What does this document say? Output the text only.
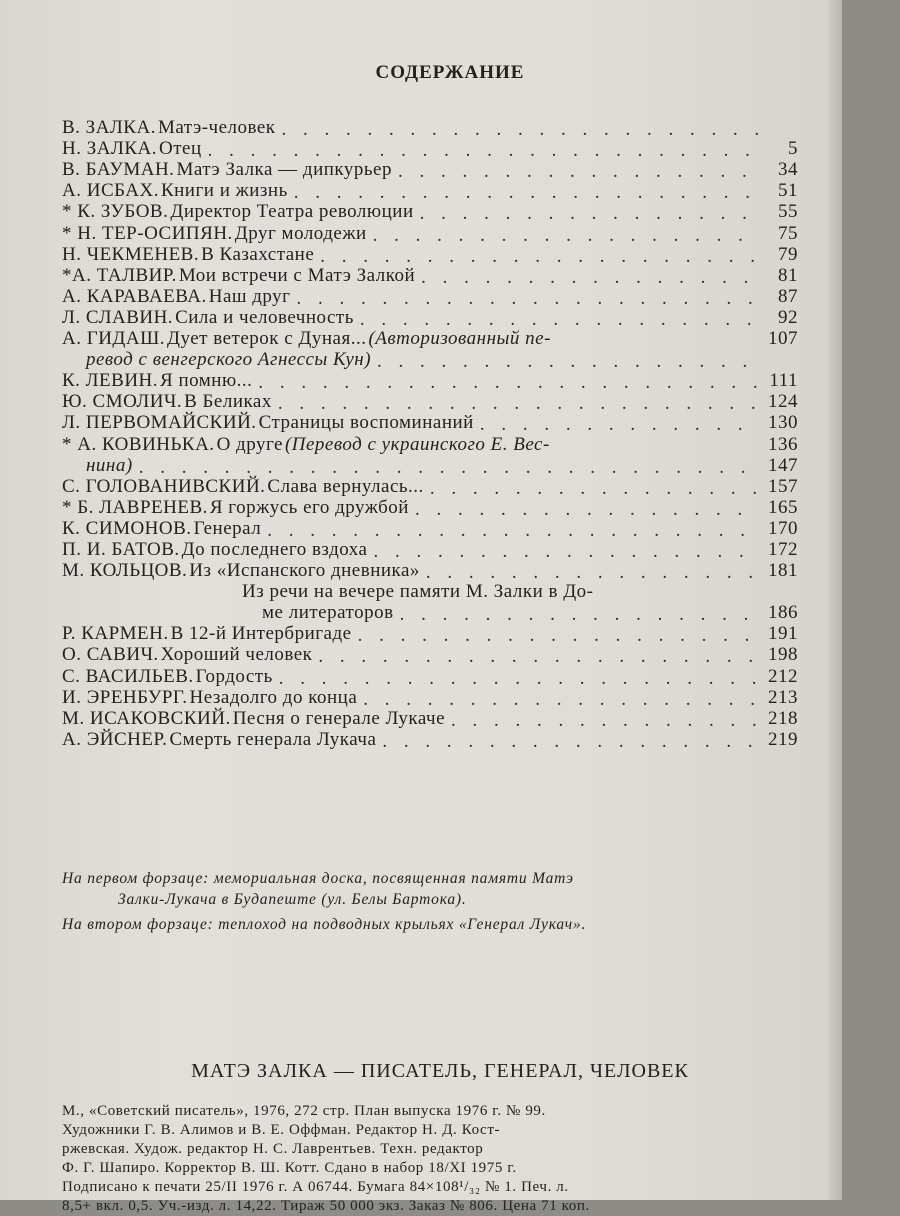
СОДЕРЖАНИЕ
В. ЗАЛКА. Матэ-человек
. . .
Н. ЗАЛКА. Отец . . .	5
В. БАУМАН. Матэ Залка — дипкурьер . . .	34
А. ИСБАХ. Книги и жизнь . . .	51
* К. ЗУБОВ. Директор Театра революции . . .	55
* Н. ТЕР-ОСИПЯН. Друг молодежи . . .	75
Н. ЧЕКМЕНЕВ. В Казахстане . . .	79
*А. ТАЛВИР. Мои встречи с Матэ Залкой . . .	81
А. КАРАВАЕВА. Наш друг . . .	87
Л. СЛАВИН. Сила и человечность . . .	92
А. ГИДАШ. Дует ветерок с Дуная... (Авторизованный пе-	107
ревод с венгерского Агнессы Кун)
. . .
К. ЛЕВИН. Я помню... . . .	111
Ю. СМОЛИЧ. В Беликах . . .	124
Л. ПЕРВОМАЙСКИЙ. Страницы воспоминаний . . .	130
* А. КОВИНЬКА. О друге (Перевод с украинского Е. Вес-	136
нина) . . .	147
С. ГОЛОВАНИВСКИЙ. Слава вернулась... . . .	157
* Б. ЛАВРЕНЕВ. Я горжусь его дружбой . . .	165
К. СИМОНОВ. Генерал . . .	170
П. И. БАТОВ. До последнего вздоха . . .	172
М. КОЛЬЦОВ. Из «Испанского дневника» . . .	181
Из речи на вечере памяти М. Залки в До-
ме литераторов . . .	186
Р. КАРМЕН. В 12-й Интербригаде . . .	191
О. САВИЧ. Хороший человек . . .	198
С. ВАСИЛЬЕВ. Гордость . . .	212
И. ЭРЕНБУРГ. Незадолго до конца . . .	213
М. ИСАКОВСКИЙ. Песня о генерале Лукаче . . .	218
А. ЭЙСНЕР. Смерть генерала Лукача . . .	219
На первом форзаце: мемориальная доска, посвященная памяти Матэ
Залки-Лукача в Будапеште (ул. Белы Бартока).
На втором форзаце: теплоход на подводных крыльях «Генерал Лукач».
МАТЭ ЗАЛКА — ПИСАТЕЛЬ, ГЕНЕРАЛ, ЧЕЛОВЕК
М., «Советский писатель», 1976, 272 стр. План выпуска 1976 г. № 99.
Художники Г. В. Алимов и В. Е. Оффман. Редактор Н. Д. Кост-
ржевская. Худож. редактор Н. С. Лаврентьев. Техн. редактор
Ф. Г. Шапиро. Корректор В. Ш. Котт. Сдано в набор 18/XI 1975 г.
Подписано к печати 25/II 1976 г. А 06744. Бумага 84×108¹/₃₂ № 1. Печ. л.
8,5+ вкл. 0,5. Уч.-изд. л. 14,22. Тираж 50 000 экз. Заказ № 806. Цена 71 коп.
